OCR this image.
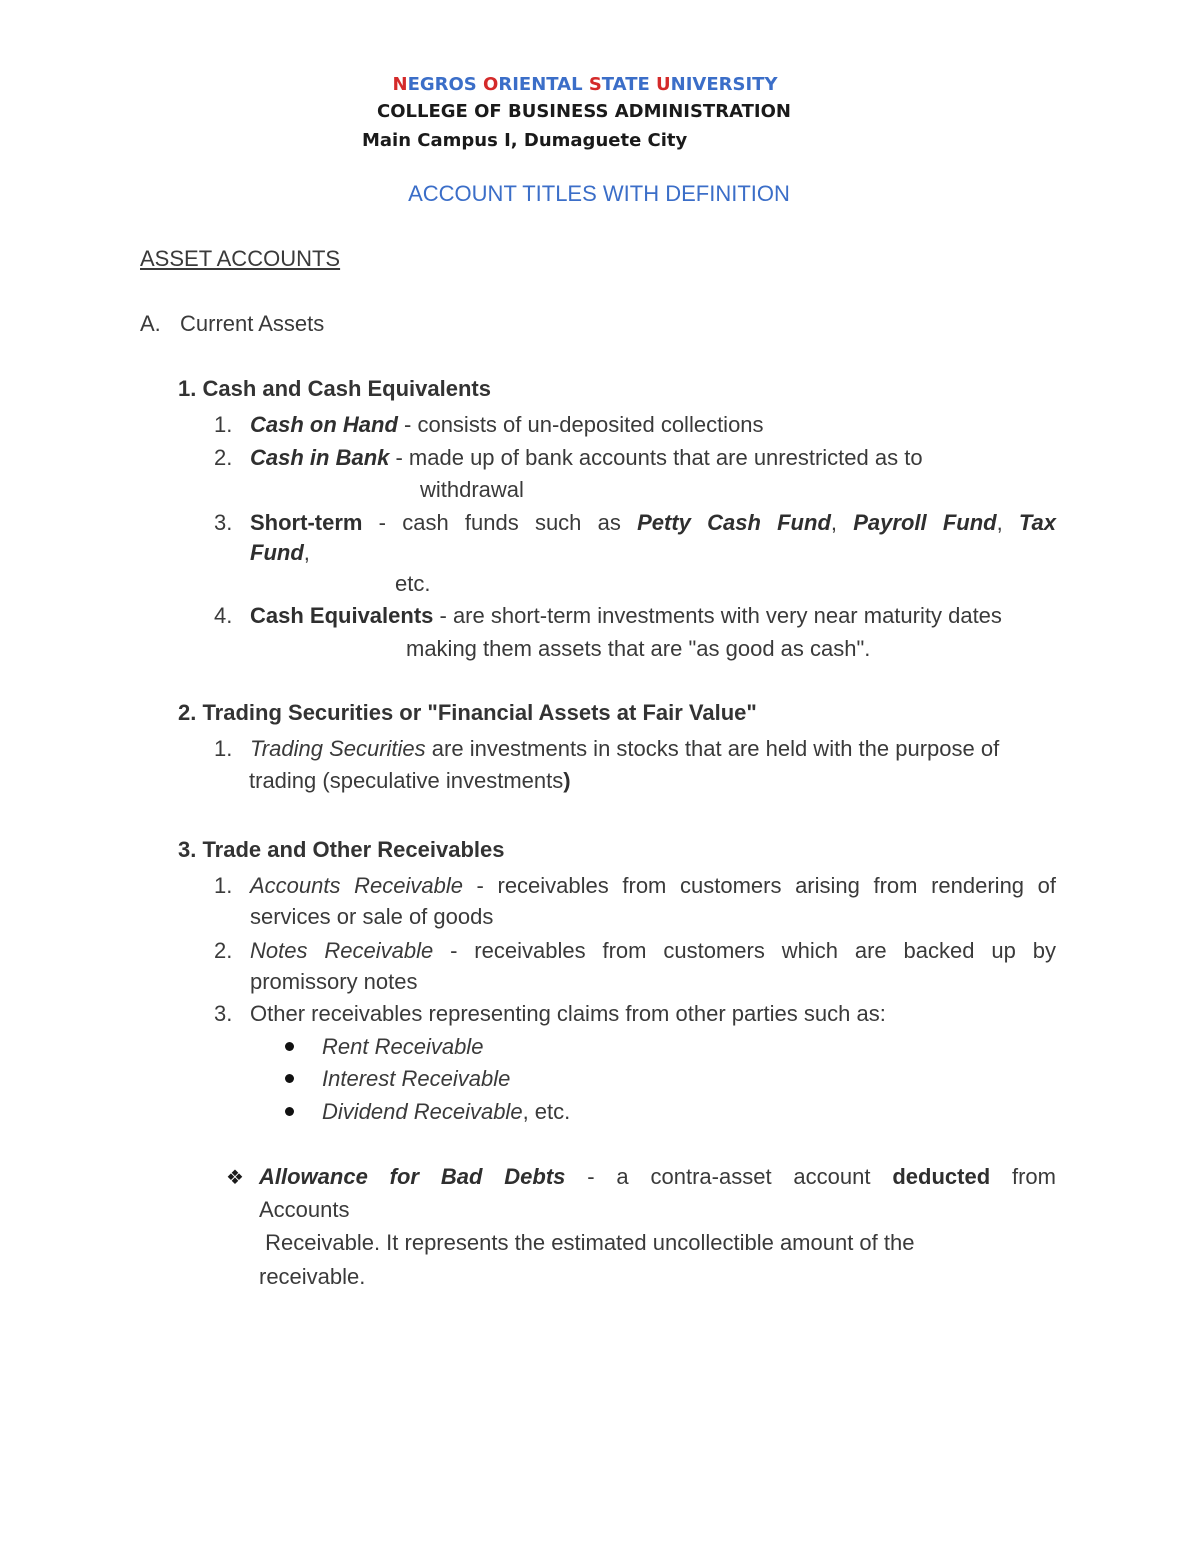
NEGROS ORIENTAL STATE UNIVERSITY
COLLEGE OF BUSINESS ADMINISTRATION
Main Campus I, Dumaguete City
ACCOUNT TITLES WITH DEFINITION
ASSET ACCOUNTS
A. Current Assets
1. Cash and Cash Equivalents
1. Cash on Hand - consists of un-deposited collections
2. Cash in Bank - made up of bank accounts that are unrestricted as to
withdrawal
3. Short-term - cash funds such as Petty Cash Fund, Payroll Fund, Tax
Fund,
etc.
4. Cash Equivalents - are short-term investments with very near maturity dates
making them assets that are "as good as cash".
2. Trading Securities or "Financial Assets at Fair Value"
1. Trading Securities are investments in stocks that are held with the purpose of
trading (speculative investments)
3. Trade and Other Receivables
1. Accounts Receivable - receivables from customers arising from rendering of
services or sale of goods
2. Notes Receivable - receivables from customers which are backed up by
promissory notes
3. Other receivables representing claims from other parties such as:
Rent Receivable
Interest Receivable
Dividend Receivable, etc.
❖ Allowance for Bad Debts - a contra-asset account deducted from
Accounts
Receivable. It represents the estimated uncollectible amount of the
receivable.
